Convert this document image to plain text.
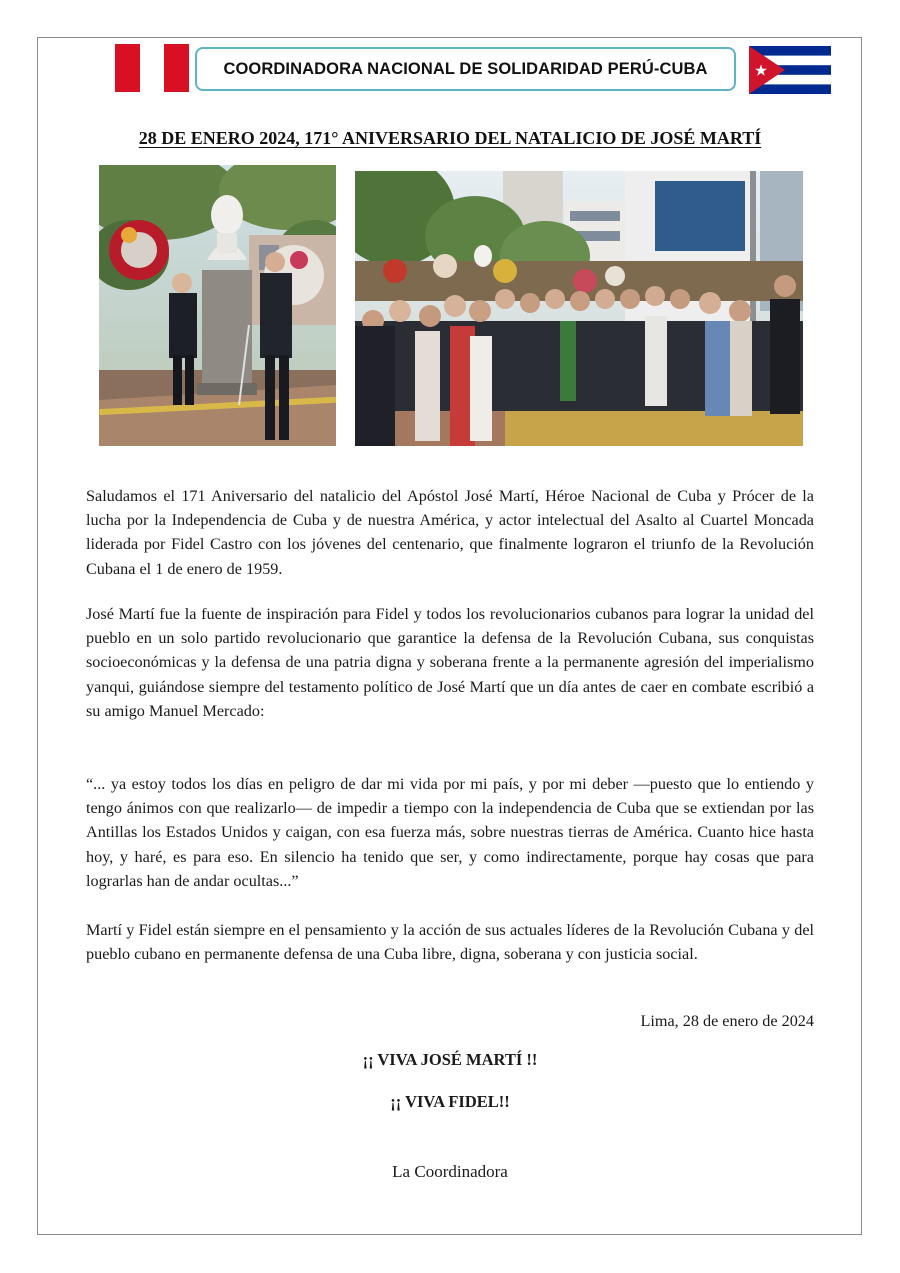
COORDINADORA NACIONAL DE SOLIDARIDAD PERÚ-CUBA
28 DE ENERO 2024, 171° ANIVERSARIO DEL NATALICIO DE JOSÉ MARTÍ
Saludamos el 171 Aniversario del natalicio del Apóstol José Martí, Héroe Nacional de Cuba y Prócer de la lucha por la Independencia de Cuba y de nuestra América, y actor intelectual del Asalto al Cuartel Moncada liderada por Fidel Castro con los jóvenes del centenario, que finalmente lograron el triunfo de la Revolución Cubana el 1 de enero de 1959.
José Martí fue la fuente de inspiración para Fidel y todos los revolucionarios cubanos para lograr la unidad del pueblo en un solo partido revolucionario que garantice la defensa de la Revolución Cubana, sus conquistas socioeconómicas y la defensa de una patria digna y soberana frente a la permanente agresión del imperialismo yanqui, guiándose siempre del testamento político de José Martí que un día antes de caer en combate escribió a su amigo Manuel Mercado:
“... ya estoy todos los días en peligro de dar mi vida por mi país, y por mi deber —puesto que lo entiendo y tengo ánimos con que realizarlo— de impedir a tiempo con la independencia de Cuba que se extiendan por las Antillas los Estados Unidos y caigan, con esa fuerza más, sobre nuestras tierras de América. Cuanto hice hasta hoy, y haré, es para eso. En silencio ha tenido que ser, y como indirectamente, porque hay cosas que para lograrlas han de andar ocultas...”
Martí y Fidel están siempre en el pensamiento y la acción de sus actuales líderes de la Revolución Cubana y del pueblo cubano en permanente defensa de una Cuba libre, digna, soberana y con justicia social.
Lima, 28 de enero de 2024
¡¡ VIVA JOSÉ MARTÍ !!
¡¡ VIVA FIDEL!!
La Coordinadora
